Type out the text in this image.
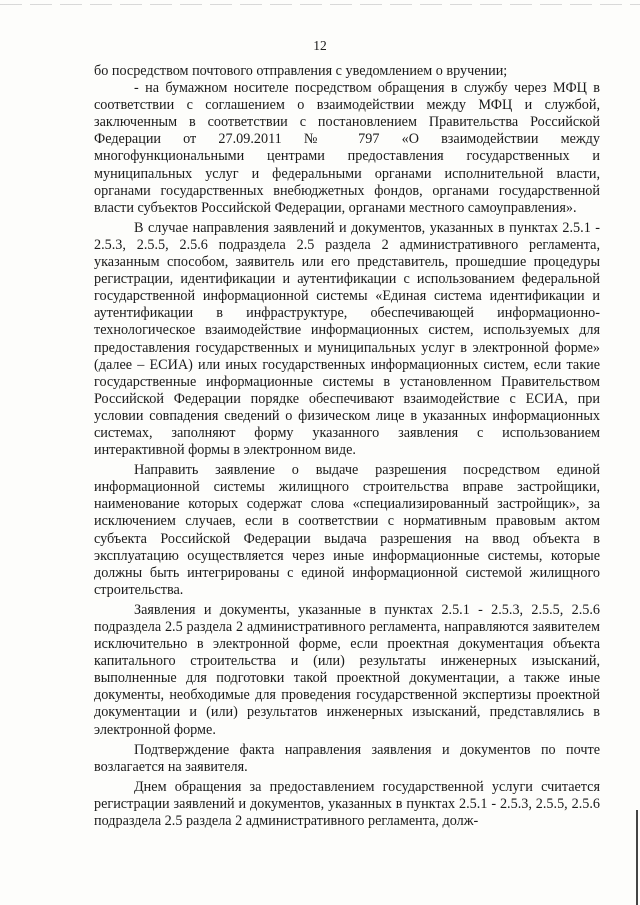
12

бо посредством почтового отправления с уведомлением о вручении;

- на бумажном носителе посредством обращения в службу через МФЦ в соответствии с соглашением о взаимодействии между МФЦ и службой, заключенным в соответствии с постановлением Правительства Российской Федерации от 27.09.2011 № 797 «О взаимодействии между многофункциональными центрами предоставления государственных и муниципальных услуг и федеральными органами исполнительной власти, органами государственных внебюджетных фондов, органами государственной власти субъектов Российской Федерации, органами местного самоуправления».

В случае направления заявлений и документов, указанных в пунктах 2.5.1 - 2.5.3, 2.5.5, 2.5.6 подраздела 2.5 раздела 2 административного регламента, указанным способом, заявитель или его представитель, прошедшие процедуры регистрации, идентификации и аутентификации с использованием федеральной государственной информационной системы «Единая система идентификации и аутентификации в инфраструктуре, обеспечивающей информационно-технологическое взаимодействие информационных систем, используемых для предоставления государственных и муниципальных услуг в электронной форме» (далее – ЕСИА) или иных государственных информационных систем, если такие государственные информационные системы в установленном Правительством Российской Федерации порядке обеспечивают взаимодействие с ЕСИА, при условии совпадения сведений о физическом лице в указанных информационных системах, заполняют форму указанного заявления с использованием интерактивной формы в электронном виде.

Направить заявление о выдаче разрешения посредством единой информационной системы жилищного строительства вправе застройщики, наименование которых содержат слова «специализированный застройщик», за исключением случаев, если в соответствии с нормативным правовым актом субъекта Российской Федерации выдача разрешения на ввод объекта в эксплуатацию осуществляется через иные информационные системы, которые должны быть интегрированы с единой информационной системой жилищного строительства.

Заявления и документы, указанные в пунктах 2.5.1 - 2.5.3, 2.5.5, 2.5.6 подраздела 2.5 раздела 2 административного регламента, направляются заявителем исключительно в электронной форме, если проектная документация объекта капитального строительства и (или) результаты инженерных изысканий, выполненные для подготовки такой проектной документации, а также иные документы, необходимые для проведения государственной экспертизы проектной документации и (или) результатов инженерных изысканий, представлялись в электронной форме.

Подтверждение факта направления заявления и документов по почте возлагается на заявителя.

Днем обращения за предоставлением государственной услуги считается регистрации заявлений и документов, указанных в пунктах 2.5.1 - 2.5.3, 2.5.5, 2.5.6 подраздела 2.5 раздела 2 административного регламента, долж-
